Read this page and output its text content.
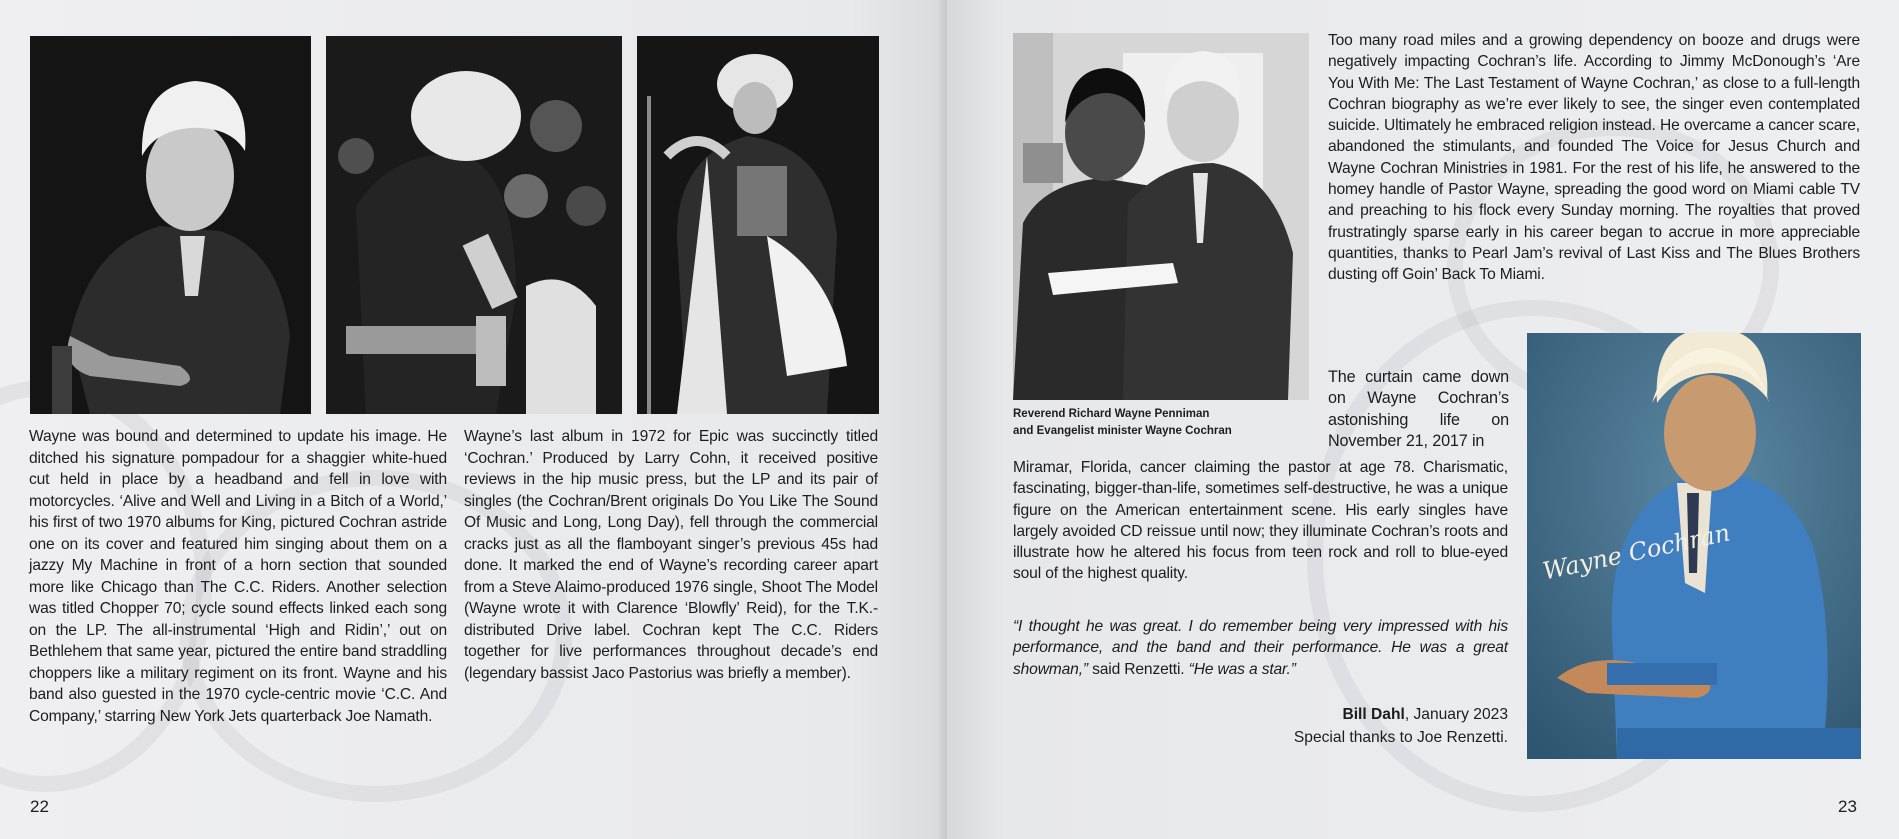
Wayne was bound and determined to update his image. He ditched his signature pompadour for a shaggier white-hued cut held in place by a headband and fell in love with motorcycles. ‘Alive and Well and Living in a Bitch of a World,’ his first of two 1970 albums for King, pictured Cochran astride one on its cover and featured him singing about them on a jazzy My Machine in front of a horn section that sounded more like Chicago than The C.C. Riders. Another selection was titled Chopper 70; cycle sound effects linked each song on the LP. The all-instrumental ‘High and Ridin’,’ out on Bethlehem that same year, pictured the entire band straddling choppers like a military regiment on its front. Wayne and his band also guested in the 1970 cycle-centric movie ‘C.C. And Company,’ starring New York Jets quarterback Joe Namath.

Wayne’s last album in 1972 for Epic was succinctly titled ‘Cochran.’ Produced by Larry Cohn, it received positive reviews in the hip music press, but the LP and its pair of singles (the Cochran/Brent originals Do You Like The Sound Of Music and Long, Long Day), fell through the commercial cracks just as all the flamboyant singer’s previous 45s had done. It marked the end of Wayne’s recording career apart from a Steve Alaimo-produced 1976 single, Shoot The Model (Wayne wrote it with Clarence ‘Blowfly’ Reid), for the T.K.-distributed Drive label. Cochran kept The C.C. Riders together for live performances throughout decade’s end (legendary bassist Jaco Pastorius was briefly a member).

22
Reverend Richard Wayne Penniman
and Evangelist minister Wayne Cochran

Too many road miles and a growing dependency on booze and drugs were negatively impacting Cochran’s life. According to Jimmy McDonough’s ‘Are You With Me: The Last Testament of Wayne Cochran,’ as close to a full-length Cochran biography as we’re ever likely to see, the singer even contemplated suicide. Ultimately he embraced religion instead. He overcame a cancer scare, abandoned the stimulants, and founded The Voice for Jesus Church and Wayne Cochran Ministries in 1981. For the rest of his life, he answered to the homey handle of Pastor Wayne, spreading the good word on Miami cable TV and preaching to his flock every Sunday morning. The royalties that proved frustratingly sparse early in his career began to accrue in more appreciable quantities, thanks to Pearl Jam’s revival of Last Kiss and The Blues Brothers dusting off Goin’ Back To Miami.

The curtain came down on Wayne Cochran’s astonishing life on November 21, 2017 in

Miramar, Florida, cancer claiming the pastor at age 78. Charismatic, fascinating, bigger-than-life, sometimes self-destructive, he was a unique figure on the American entertainment scene. His early singles have largely avoided CD reissue until now; they illuminate Cochran’s roots and illustrate how he altered his focus from teen rock and roll to blue-eyed soul of the highest quality.

“I thought he was great. I do remember being very impressed with his performance, and the band and their performance. He was a great showman,” said Renzetti. “He was a star.”

Bill Dahl, January 2023
Special thanks to Joe Renzetti.
Wayne Cochran
23
